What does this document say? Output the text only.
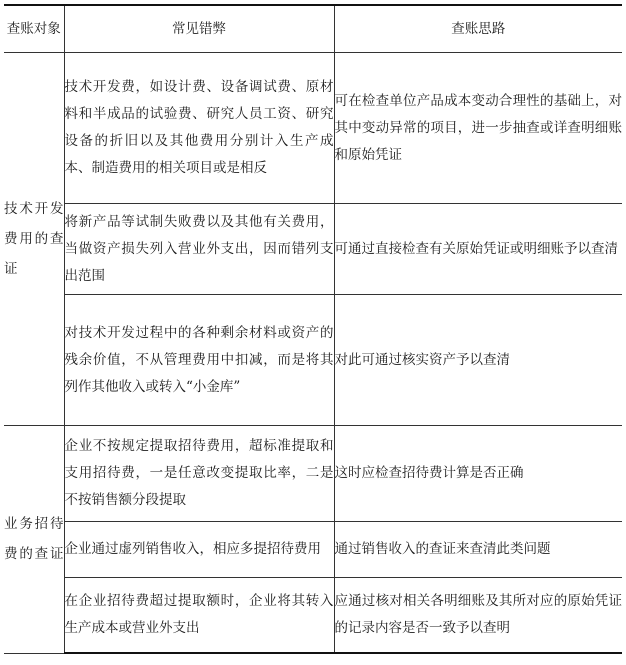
查账对象	常见错弊	查账思路
技术开发费用的查证	技术开发费，如设计费、设备调试费、原材料和半成品的试验费、研究人员工资、研究设备的折旧以及其他费用分别计入生产成本、制造费用的相关项目或是相反	可在检查单位产品成本变动合理性的基础上，对其中变动异常的项目，进一步抽查或详查明细账和原始凭证
	将新产品等试制失败费以及其他有关费用，当做资产损失列入营业外支出，因而错列支出范围	可通过直接检查有关原始凭证或明细账予以查清
	对技术开发过程中的各种剩余材料或资产的残余价值，不从管理费用中扣减，而是将其列作其他收入或转入“小金库”	对此可通过核实资产予以查清
业务招待费的查证	企业不按规定提取招待费用，超标准提取和支用招待费，一是任意改变提取比率，二是不按销售额分段提取	这时应检查招待费计算是否正确
	企业通过虚列销售收入，相应多提招待费用	通过销售收入的查证来查清此类问题
	在企业招待费超过提取额时，企业将其转入生产成本或营业外支出	应通过核对相关各明细账及其所对应的原始凭证的记录内容是否一致予以查明
